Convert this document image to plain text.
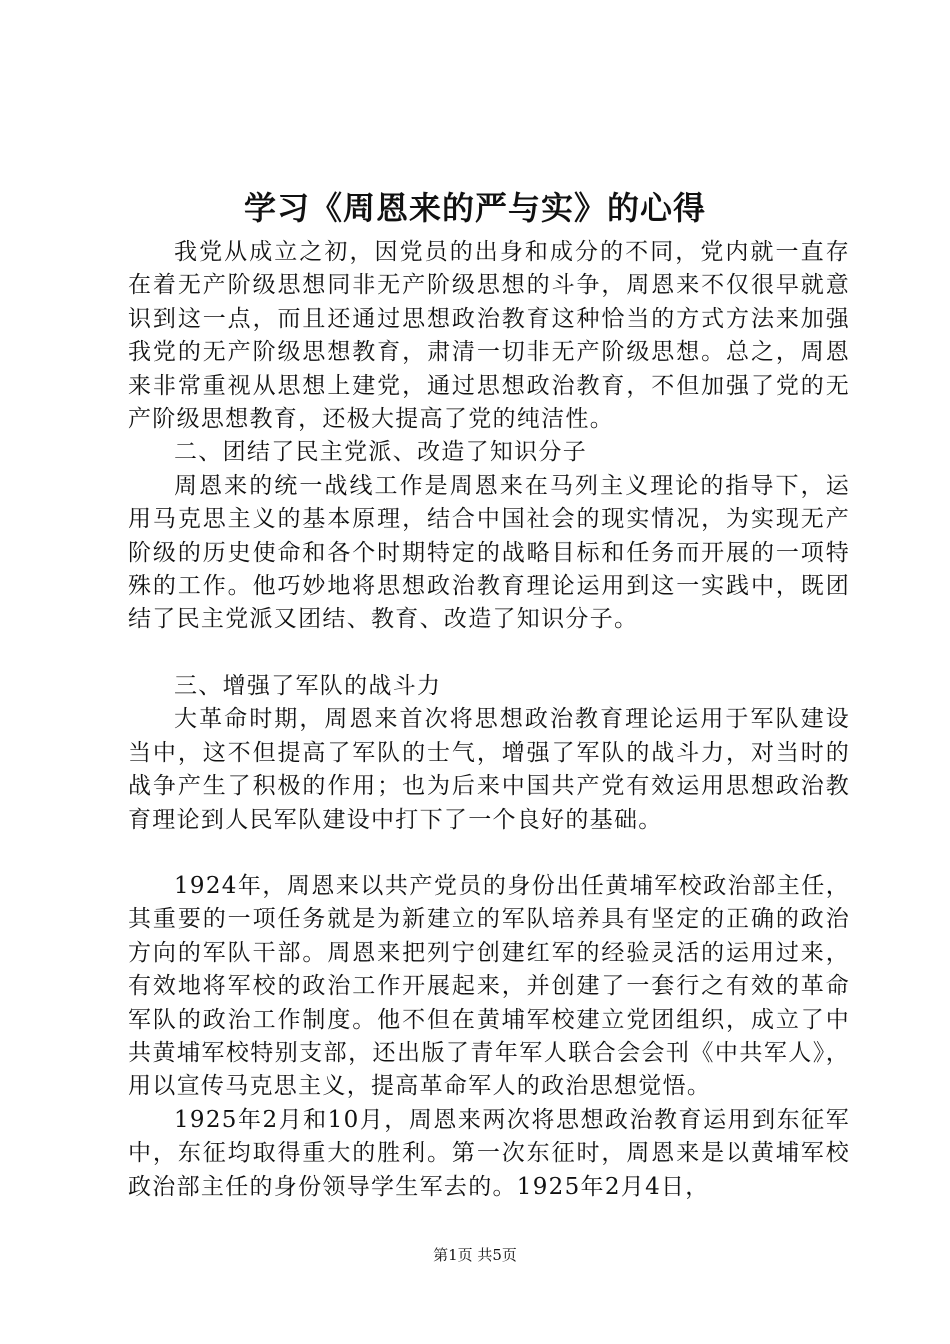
学习《周恩来的严与实》的心得

我党从成立之初，因党员的出身和成分的不同，党内就一直存在着无产阶级思想同非无产阶级思想的斗争，周恩来不仅很早就意识到这一点，而且还通过思想政治教育这种恰当的方式方法来加强我党的无产阶级思想教育，肃清一切非无产阶级思想。总之，周恩来非常重视从思想上建党，通过思想政治教育，不但加强了党的无产阶级思想教育，还极大提高了党的纯洁性。

二、团结了民主党派、改造了知识分子

周恩来的统一战线工作是周恩来在马列主义理论的指导下，运用马克思主义的基本原理，结合中国社会的现实情况，为实现无产阶级的历史使命和各个时期特定的战略目标和任务而开展的一项特殊的工作。他巧妙地将思想政治教育理论运用到这一实践中，既团结了民主党派又团结、教育、改造了知识分子。

三、增强了军队的战斗力

大革命时期，周恩来首次将思想政治教育理论运用于军队建设当中，这不但提高了军队的士气，增强了军队的战斗力，对当时的战争产生了积极的作用；也为后来中国共产党有效运用思想政治教育理论到人民军队建设中打下了一个良好的基础。

1924年，周恩来以共产党员的身份出任黄埔军校政治部主任，其重要的一项任务就是为新建立的军队培养具有坚定的正确的政治方向的军队干部。周恩来把列宁创建红军的经验灵活的运用过来，有效地将军校的政治工作开展起来，并创建了一套行之有效的革命军队的政治工作制度。他不但在黄埔军校建立党团组织，成立了中共黄埔军校特别支部，还出版了青年军人联合会会刊《中共军人》，用以宣传马克思主义，提高革命军人的政治思想觉悟。

1925年2月和10月，周恩来两次将思想政治教育运用到东征军中，东征均取得重大的胜利。第一次东征时，周恩来是以黄埔军校政治部主任的身份领导学生军去的。1925年2月4日，

第1页 共5页
